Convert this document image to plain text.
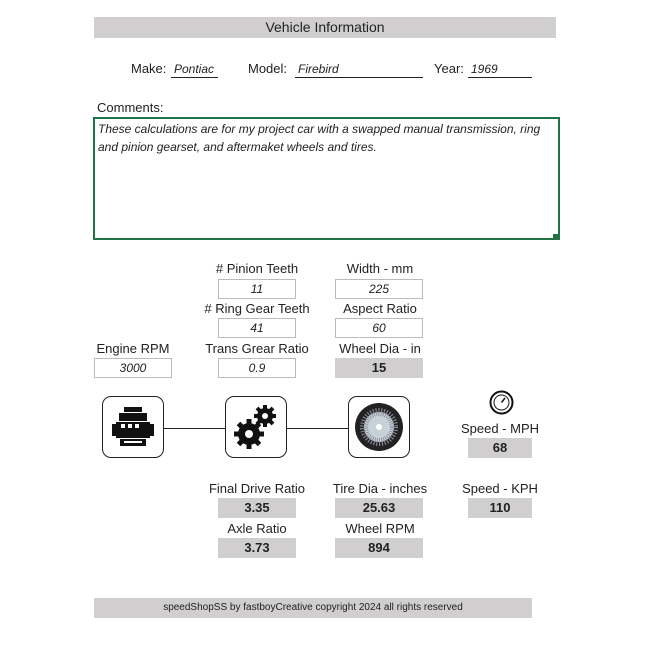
Vehicle Information
Make: Pontiac	Model: Firebird	Year: 1969
Comments:
These calculations are for my project car with a swapped manual transmission, ring and pinion gearset, and aftermaket wheels and tires.
# Pinion Teeth
11
Width - mm
225
# Ring Gear Teeth
41
Aspect Ratio
60
Engine RPM
3000
Trans Grear Ratio
0.9
Wheel Dia - in
15
Speed - MPH
68
Final Drive Ratio
3.35
Tire Dia - inches
25.63
Speed - KPH
110
Axle Ratio
3.73
Wheel RPM
894
speedShopSS by fastboyCreative copyright 2024 all rights reserved
